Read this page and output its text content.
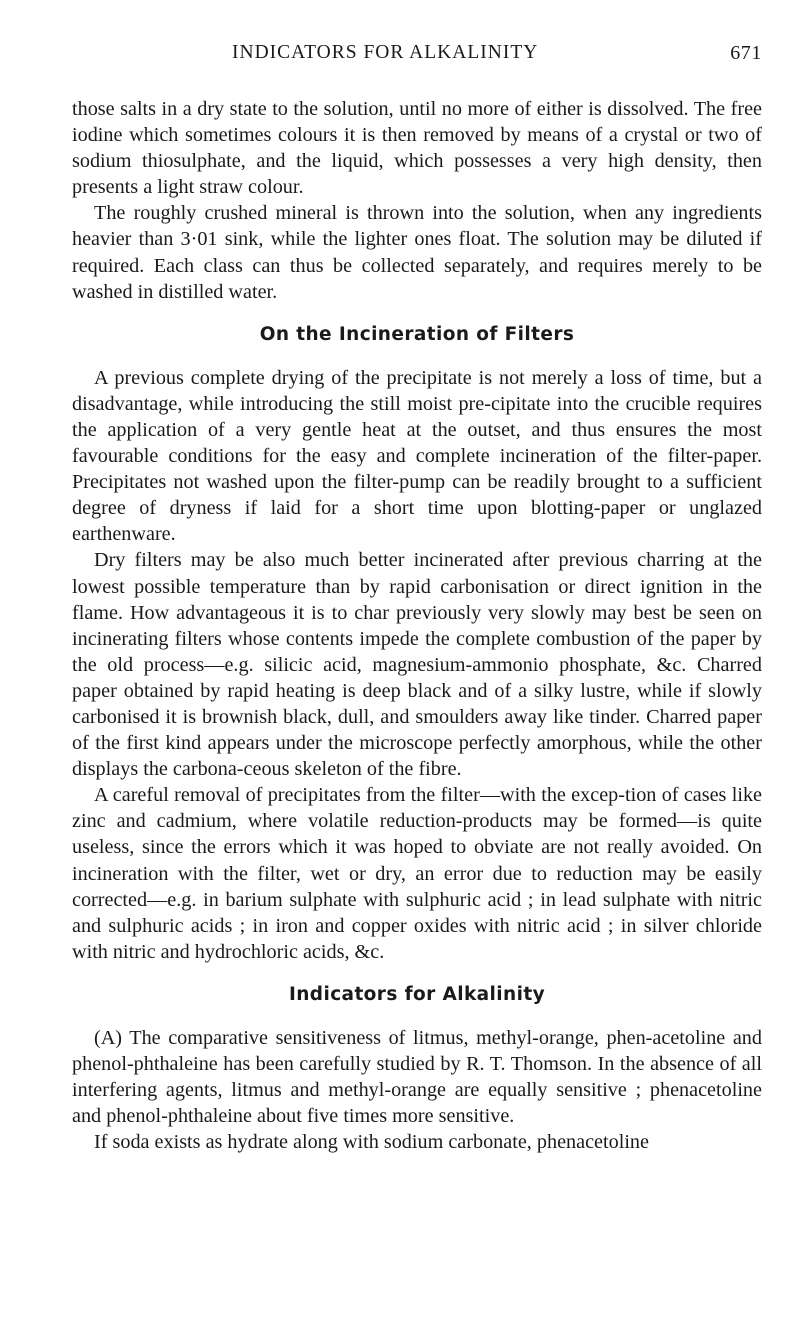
INDICATORS FOR ALKALINITY	671

those salts in a dry state to the solution, until no more of either is dissolved. The free iodine which sometimes colours it is then removed by means of a crystal or two of sodium thiosulphate, and the liquid, which possesses a very high density, then presents a light straw colour.

The roughly crushed mineral is thrown into the solution, when any ingredients heavier than 3·01 sink, while the lighter ones float. The solution may be diluted if required. Each class can thus be collected separately, and requires merely to be washed in distilled water.

On the Incineration of Filters

A previous complete drying of the precipitate is not merely a loss of time, but a disadvantage, while introducing the still moist pre-cipitate into the crucible requires the application of a very gentle heat at the outset, and thus ensures the most favourable conditions for the easy and complete incineration of the filter-paper. Precipitates not washed upon the filter-pump can be readily brought to a sufficient degree of dryness if laid for a short time upon blotting-paper or unglazed earthenware.

Dry filters may be also much better incinerated after previous charring at the lowest possible temperature than by rapid carbonisation or direct ignition in the flame. How advantageous it is to char previously very slowly may best be seen on incinerating filters whose contents impede the complete combustion of the paper by the old process—e.g. silicic acid, magnesium-ammonio phosphate, &c. Charred paper obtained by rapid heating is deep black and of a silky lustre, while if slowly carbonised it is brownish black, dull, and smoulders away like tinder. Charred paper of the first kind appears under the microscope perfectly amorphous, while the other displays the carbona-ceous skeleton of the fibre.

A careful removal of precipitates from the filter—with the excep-tion of cases like zinc and cadmium, where volatile reduction-products may be formed—is quite useless, since the errors which it was hoped to obviate are not really avoided. On incineration with the filter, wet or dry, an error due to reduction may be easily corrected—e.g. in barium sulphate with sulphuric acid ; in lead sulphate with nitric and sulphuric acids ; in iron and copper oxides with nitric acid ; in silver chloride with nitric and hydrochloric acids, &c.

Indicators for Alkalinity

(A) The comparative sensitiveness of litmus, methyl-orange, phen-acetoline and phenol-phthaleine has been carefully studied by R. T. Thomson. In the absence of all interfering agents, litmus and methyl-orange are equally sensitive ; phenacetoline and phenol-phthaleine about five times more sensitive.

If soda exists as hydrate along with sodium carbonate, phenacetoline
